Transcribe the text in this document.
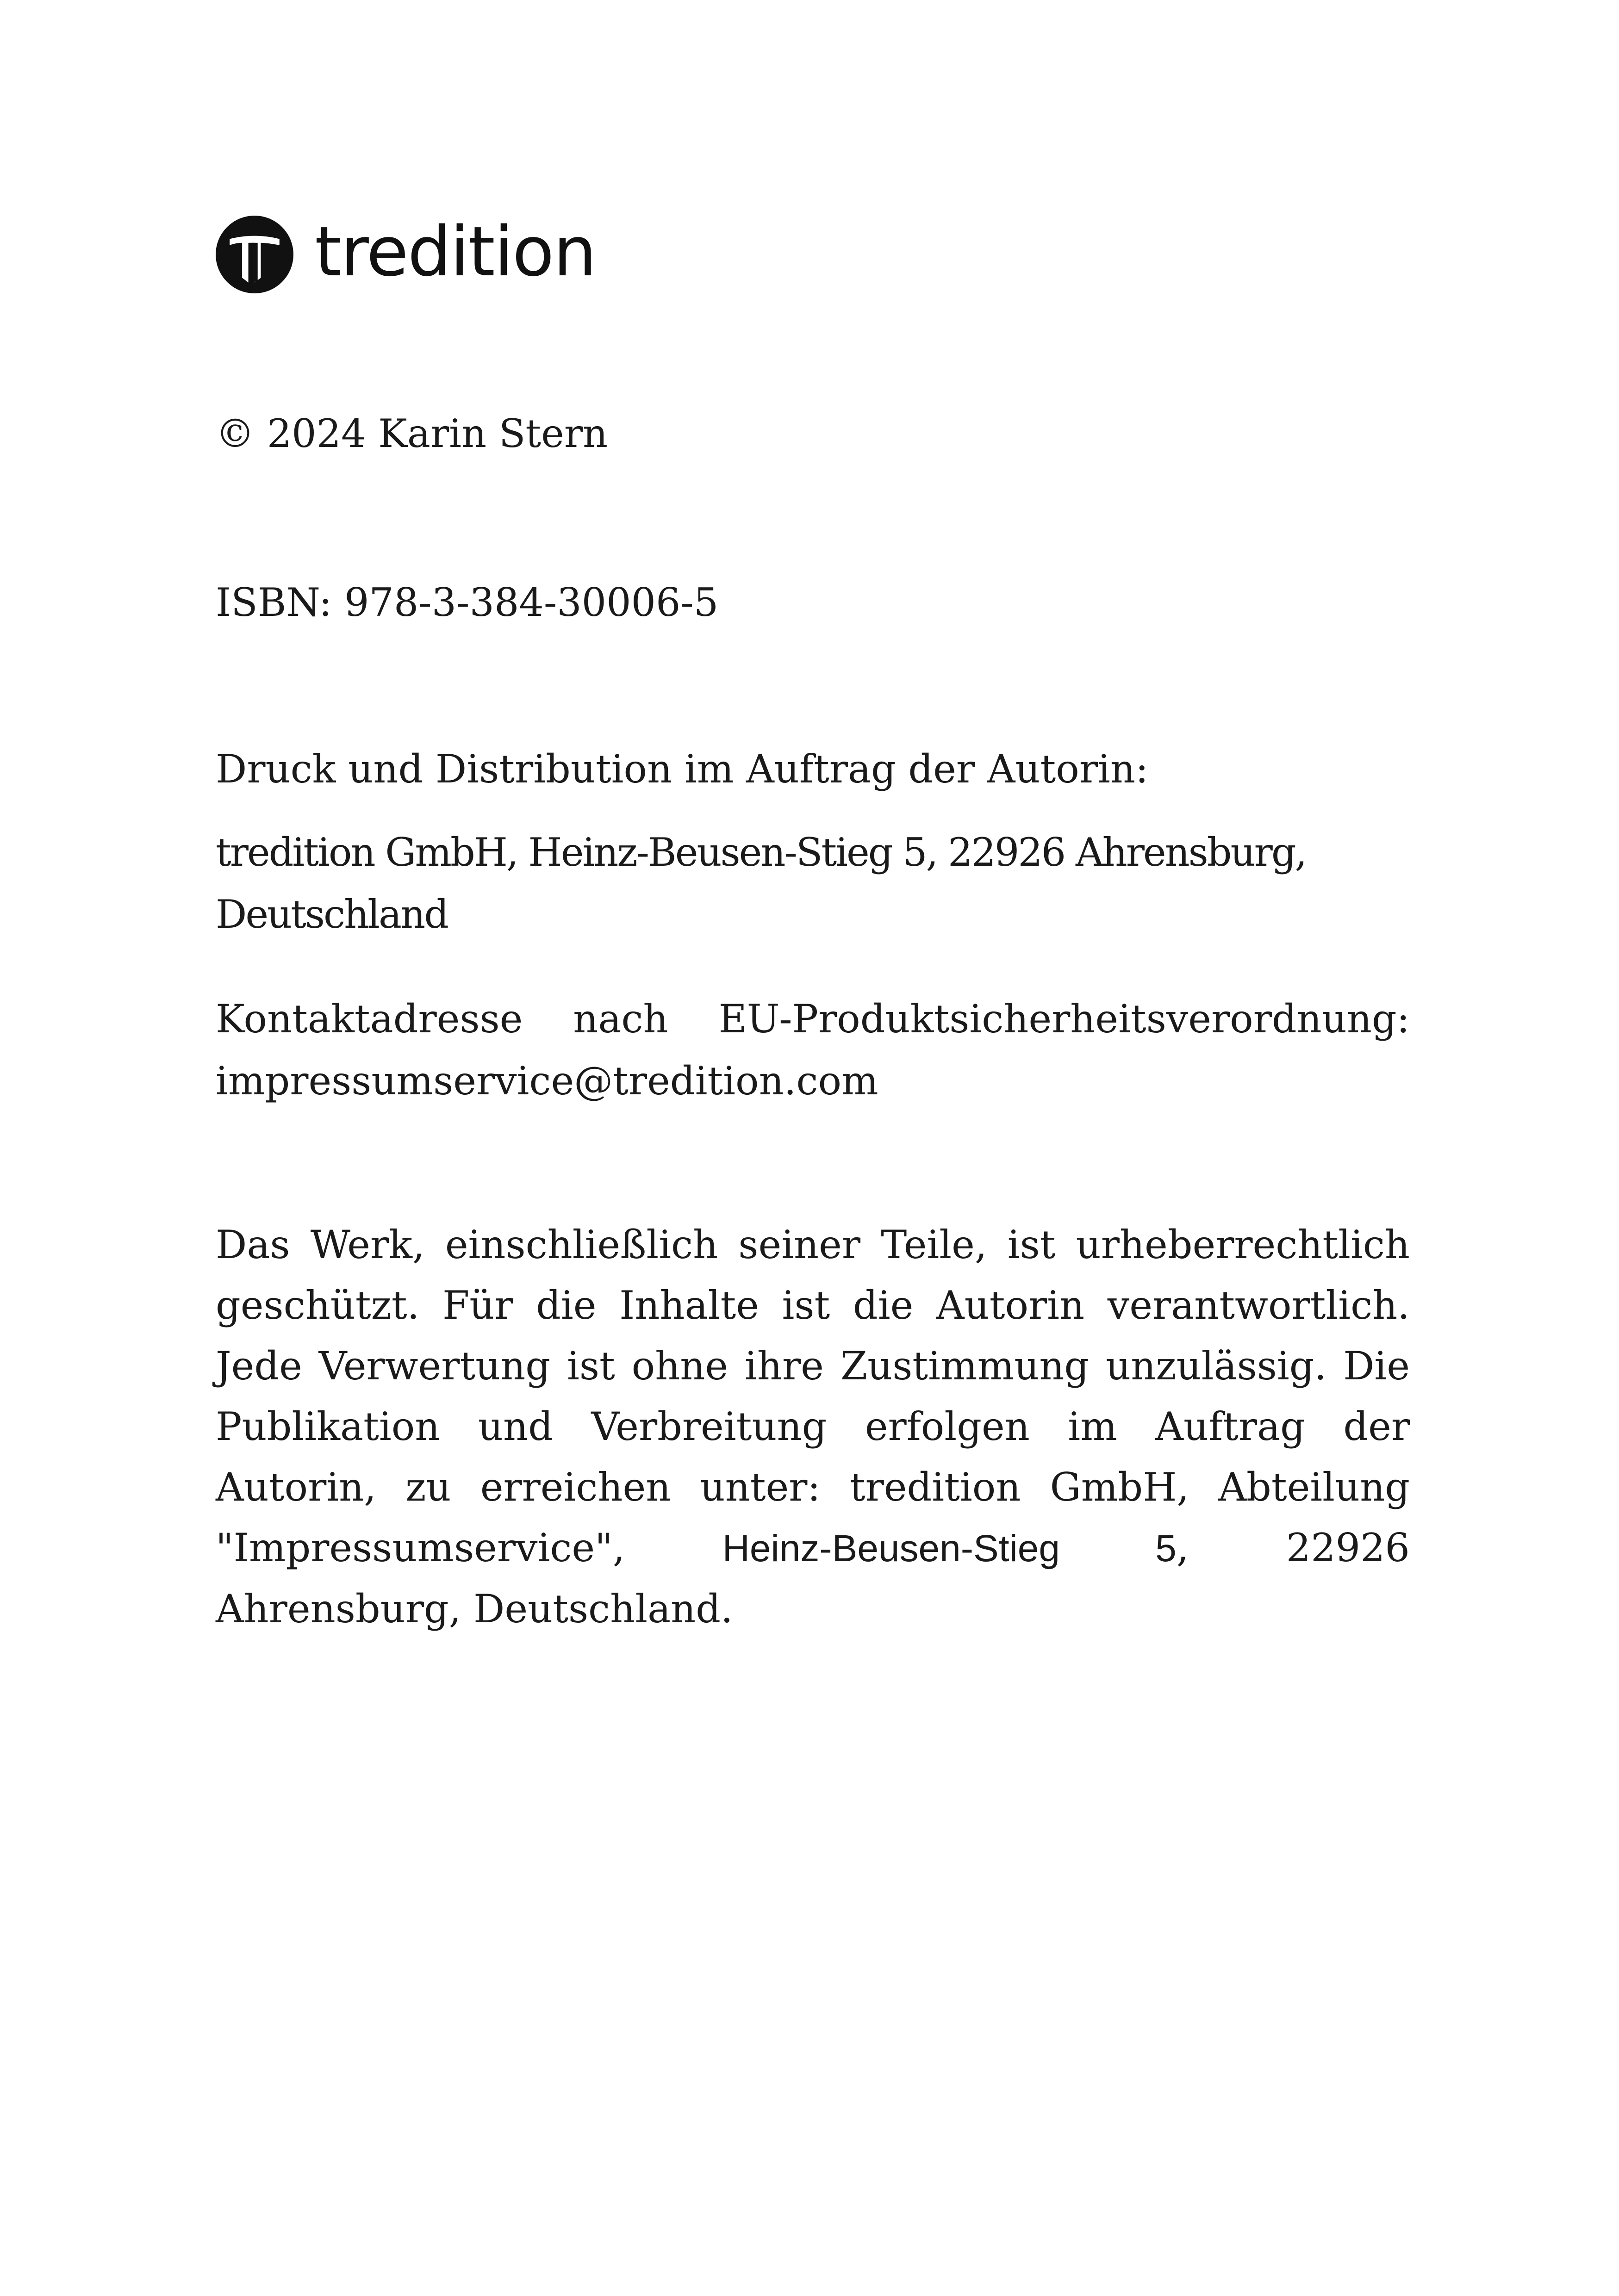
tredition
© 2024 Karin Stern
ISBN: 978-3-384-30006-5
Druck und Distribution im Auftrag der Autorin:
tredition GmbH, Heinz-Beusen-Stieg 5, 22926 Ahrensburg, Deutschland
Kontaktadresse nach EU-Produktsicherheitsverordnung:
impressumservice@tredition.com
Das Werk, einschließlich seiner Teile, ist urheberrechtlich geschützt. Für die Inhalte ist die Autorin verantwortlich. Jede Verwertung ist ohne ihre Zustimmung unzulässig. Die Publikation und Verbreitung erfolgen im Auftrag der Autorin, zu erreichen unter: tredition GmbH, Abteilung "Impressumservice",	Heinz-Beusen-Stieg 5, 22926 Ahrensburg, Deutschland.
